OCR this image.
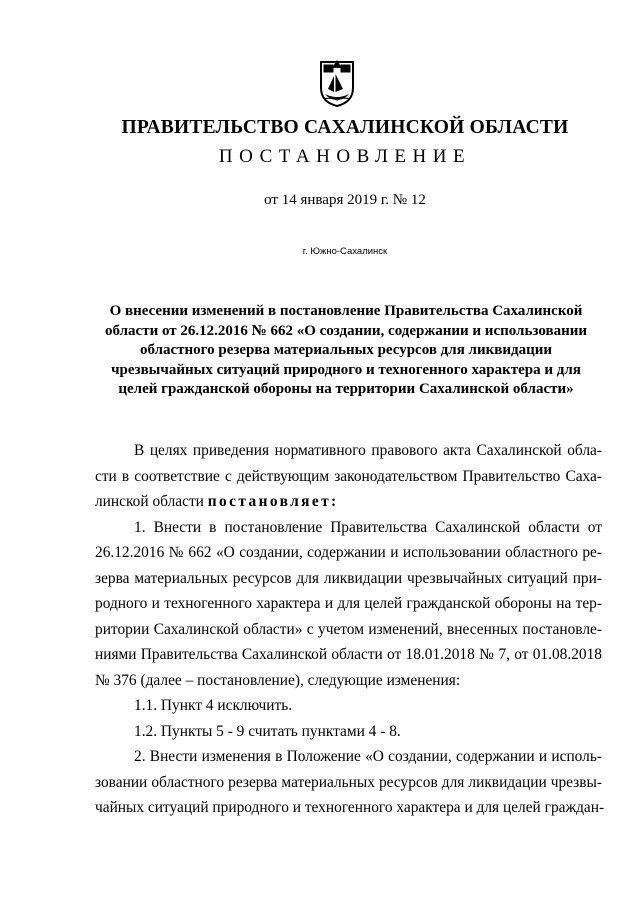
ПРАВИТЕЛЬСТВО САХАЛИНСКОЙ ОБЛАСТИ
ПОСТАНОВЛЕНИЕ
от 14 января 2019 г. № 12
г. Южно-Сахалинск
О внесении изменений в постановление Правительства Сахалинской
области от 26.12.2016 № 662 «О создании, содержании и использовании
областного резерва материальных ресурсов для ликвидации
чрезвычайных ситуаций природного и техногенного характера и для
целей гражданской обороны на территории Сахалинской области»
В целях приведения нормативного правового акта Сахалинской обла-
сти в соответствие с действующим законодательством Правительство Саха-
линской области постановляет:
1. Внести в постановление Правительства Сахалинской области от
26.12.2016 № 662 «О создании, содержании и использовании областного ре-
зерва материальных ресурсов для ликвидации чрезвычайных ситуаций при-
родного и техногенного характера и для целей гражданской обороны на тер-
ритории Сахалинской области» с учетом изменений, внесенных постановле-
ниями Правительства Сахалинской области от 18.01.2018 № 7, от 01.08.2018
№ 376 (далее – постановление), следующие изменения:
1.1. Пункт 4 исключить.
1.2. Пункты 5 - 9 считать пунктами 4 - 8.
2. Внести изменения в Положение «О создании, содержании и исполь-
зовании областного резерва материальных ресурсов для ликвидации чрезвы-
чайных ситуаций природного и техногенного характера и для целей граждан-
